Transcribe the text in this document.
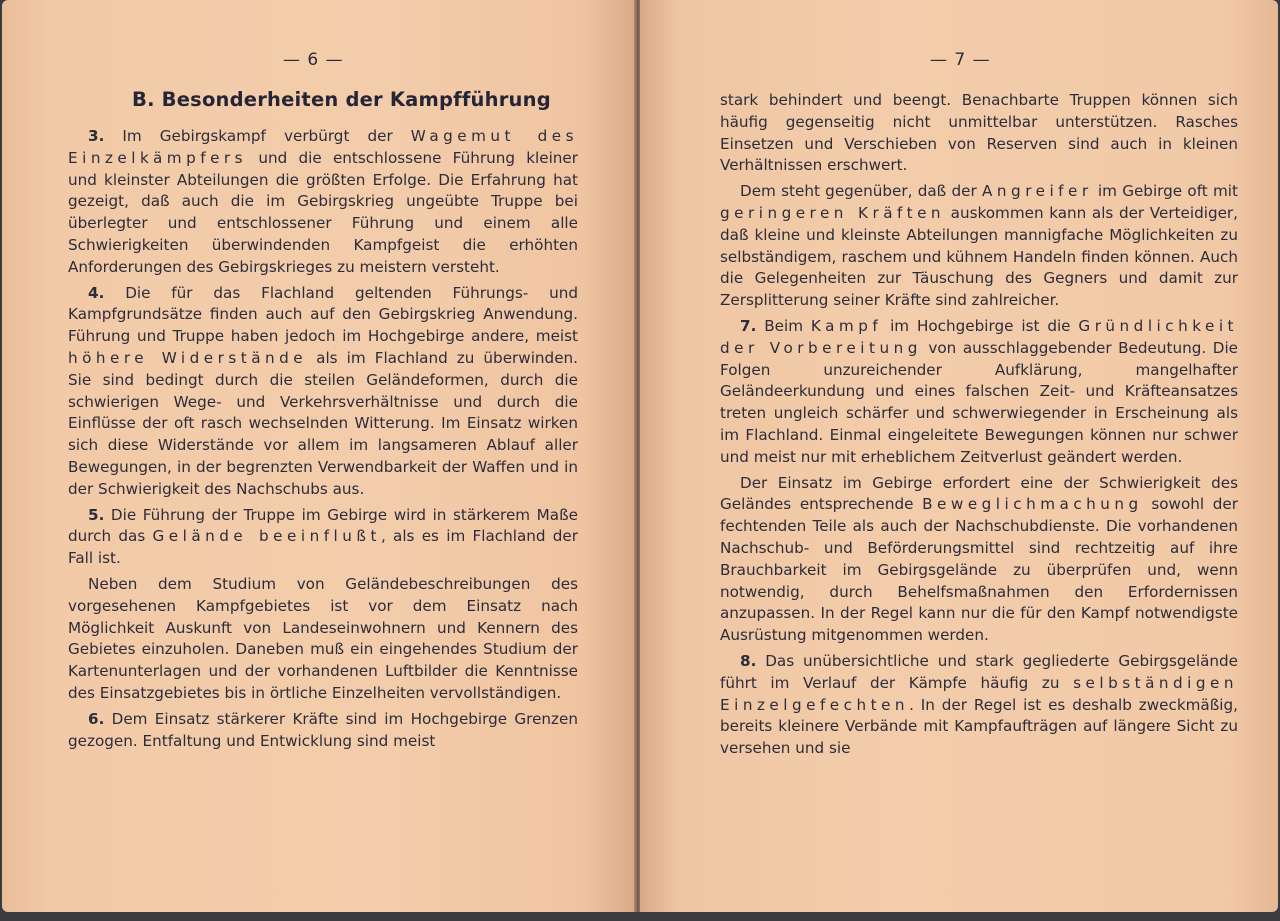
— 6 —
B. Besonderheiten der Kampfführung

3. Im Gebirgskampf verbürgt der Wagemut des Einzelkämpfers und die entschlossene Führung kleiner und kleinster Abteilungen die größten Erfolge. Die Erfahrung hat gezeigt, daß auch die im Gebirgskrieg ungeübte Truppe bei überlegter und entschlossener Führung und einem alle Schwierigkeiten überwindenden Kampfgeist die erhöhten Anforderungen des Gebirgskrieges zu meistern versteht.

4. Die für das Flachland geltenden Führungs- und Kampfgrundsätze finden auch auf den Gebirgskrieg Anwendung. Führung und Truppe haben jedoch im Hochgebirge andere, meist höhere Widerstände als im Flachland zu überwinden. Sie sind bedingt durch die steilen Geländeformen, durch die schwierigen Wege- und Verkehrsverhältnisse und durch die Einflüsse der oft rasch wechselnden Witterung. Im Einsatz wirken sich diese Widerstände vor allem im langsameren Ablauf aller Bewegungen, in der begrenzten Verwendbarkeit der Waffen und in der Schwierigkeit des Nachschubs aus.

5. Die Führung der Truppe im Gebirge wird in stärkerem Maße durch das Gelände beeinflußt, als es im Flachland der Fall ist.

Neben dem Studium von Geländebeschreibungen des vorgesehenen Kampfgebietes ist vor dem Einsatz nach Möglichkeit Auskunft von Landeseinwohnern und Kennern des Gebietes einzuholen. Daneben muß ein eingehendes Studium der Kartenunterlagen und der vorhandenen Luftbilder die Kenntnisse des Einsatzgebietes bis in örtliche Einzelheiten vervollständigen.

6. Dem Einsatz stärkerer Kräfte sind im Hochgebirge Grenzen gezogen. Entfaltung und Entwicklung sind meist

— 7 —

stark behindert und beengt. Benachbarte Truppen können sich häufig gegenseitig nicht unmittelbar unterstützen. Rasches Einsetzen und Verschieben von Reserven sind auch in kleinen Verhältnissen erschwert.

Dem steht gegenüber, daß der Angreifer im Gebirge oft mit geringeren Kräften auskommen kann als der Verteidiger, daß kleine und kleinste Abteilungen mannigfache Möglichkeiten zu selbständigem, raschem und kühnem Handeln finden können. Auch die Gelegenheiten zur Täuschung des Gegners und damit zur Zersplitterung seiner Kräfte sind zahlreicher.

7. Beim Kampf im Hochgebirge ist die Gründlichkeit der Vorbereitung von ausschlaggebender Bedeutung. Die Folgen unzureichender Aufklärung, mangelhafter Geländeerkundung und eines falschen Zeit- und Kräfteansatzes treten ungleich schärfer und schwerwiegender in Erscheinung als im Flachland. Einmal eingeleitete Bewegungen können nur schwer und meist nur mit erheblichem Zeitverlust geändert werden.

Der Einsatz im Gebirge erfordert eine der Schwierigkeit des Geländes entsprechende Beweglichmachung sowohl der fechtenden Teile als auch der Nachschubdienste. Die vorhandenen Nachschub- und Beförderungsmittel sind rechtzeitig auf ihre Brauchbarkeit im Gebirgsgelände zu überprüfen und, wenn notwendig, durch Behelfsmaßnahmen den Erfordernissen anzupassen. In der Regel kann nur die für den Kampf notwendigste Ausrüstung mitgenommen werden.

8. Das unübersichtliche und stark gegliederte Gebirgsgelände führt im Verlauf der Kämpfe häufig zu selbständigen Einzelgefechten. In der Regel ist es deshalb zweckmäßig, bereits kleinere Verbände mit Kampfaufträgen auf längere Sicht zu versehen und sie
